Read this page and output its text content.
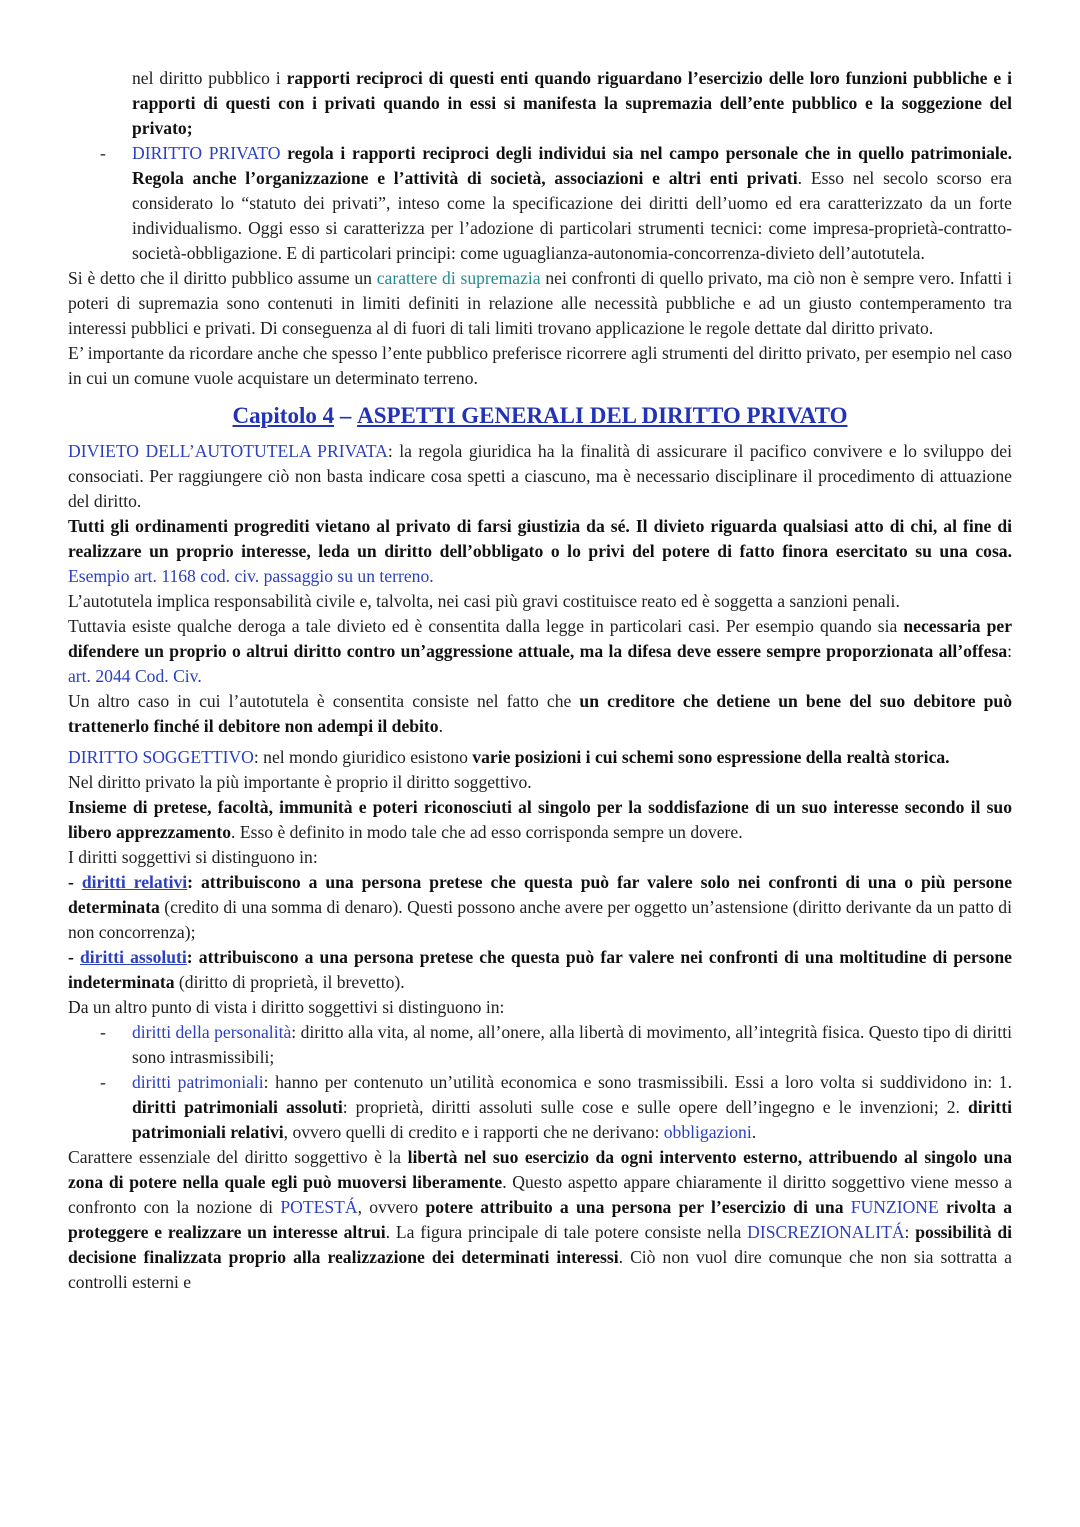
nel diritto pubblico i rapporti reciproci di questi enti quando riguardano l’esercizio delle loro funzioni pubbliche e i rapporti di questi con i privati quando in essi si manifesta la supremazia dell’ente pubblico e la soggezione del privato;

- DIRITTO PRIVATO regola i rapporti reciproci degli individui sia nel campo personale che in quello patrimoniale. Regola anche l’organizzazione e l’attività di società, associazioni e altri enti privati. Esso nel secolo scorso era considerato lo “statuto dei privati”, inteso come la specificazione dei diritti dell’uomo ed era caratterizzato da un forte individualismo. Oggi esso si caratterizza per l’adozione di particolari strumenti tecnici: come impresa-proprietà-contratto-società-obbligazione. E di particolari principi: come uguaglianza-autonomia-concorrenza-divieto dell’autotutela.

Si è detto che il diritto pubblico assume un carattere di supremazia nei confronti di quello privato, ma ciò non è sempre vero. Infatti i poteri di supremazia sono contenuti in limiti definiti in relazione alle necessità pubbliche e ad un giusto contemperamento tra interessi pubblici e privati. Di conseguenza al di fuori di tali limiti trovano applicazione le regole dettate dal diritto privato.

E’ importante da ricordare anche che spesso l’ente pubblico preferisce ricorrere agli strumenti del diritto privato, per esempio nel caso in cui un comune vuole acquistare un determinato terreno.

Capitolo 4 – ASPETTI GENERALI DEL DIRITTO PRIVATO

DIVIETO DELL’AUTOTUTELA PRIVATA: la regola giuridica ha la finalità di assicurare il pacifico convivere e lo sviluppo dei consociati. Per raggiungere ciò non basta indicare cosa spetti a ciascuno, ma è necessario disciplinare il procedimento di attuazione del diritto.

Tutti gli ordinamenti progrediti vietano al privato di farsi giustizia da sé. Il divieto riguarda qualsiasi atto di chi, al fine di realizzare un proprio interesse, leda un diritto dell’obbligato o lo privi del potere di fatto finora esercitato su una cosa. Esempio art. 1168 cod. civ. passaggio su un terreno.

L’autotutela implica responsabilità civile e, talvolta, nei casi più gravi costituisce reato ed è soggetta a sanzioni penali.

Tuttavia esiste qualche deroga a tale divieto ed è consentita dalla legge in particolari casi. Per esempio quando sia necessaria per difendere un proprio o altrui diritto contro un’aggressione attuale, ma la difesa deve essere sempre proporzionata all’offesa: art. 2044 Cod. Civ.

Un altro caso in cui l’autotutela è consentita consiste nel fatto che un creditore che detiene un bene del suo debitore può trattenerlo finché il debitore non adempi il debito.

DIRITTO SOGGETTIVO: nel mondo giuridico esistono varie posizioni i cui schemi sono espressione della realtà storica.

Nel diritto privato la più importante è proprio il diritto soggettivo.

Insieme di pretese, facoltà, immunità e poteri riconosciuti al singolo per la soddisfazione di un suo interesse secondo il suo libero apprezzamento. Esso è definito in modo tale che ad esso corrisponda sempre un dovere.

I diritti soggettivi si distinguono in:

- diritti relativi: attribuiscono a una persona pretese che questa può far valere solo nei confronti di una o più persone determinata (credito di una somma di denaro). Questi possono anche avere per oggetto un’astensione (diritto derivante da un patto di non concorrenza);

- diritti assoluti: attribuiscono a una persona pretese che questa può far valere nei confronti di una moltitudine di persone indeterminata (diritto di proprietà, il brevetto).

Da un altro punto di vista i diritto soggettivi si distinguono in:

- diritti della personalità: diritto alla vita, al nome, all’onere, alla libertà di movimento, all’integrità fisica. Questo tipo di diritti sono intrasmissibili;

- diritti patrimoniali: hanno per contenuto un’utilità economica e sono trasmissibili. Essi a loro volta si suddividono in: 1. diritti patrimoniali assoluti: proprietà, diritti assoluti sulle cose e sulle opere dell’ingegno e le invenzioni; 2. diritti patrimoniali relativi, ovvero quelli di credito e i rapporti che ne derivano: obbligazioni.

Carattere essenziale del diritto soggettivo è la libertà nel suo esercizio da ogni intervento esterno, attribuendo al singolo una zona di potere nella quale egli può muoversi liberamente. Questo aspetto appare chiaramente il diritto soggettivo viene messo a confronto con la nozione di POTESTÁ, ovvero potere attribuito a una persona per l’esercizio di una FUNZIONE rivolta a proteggere e realizzare un interesse altrui. La figura principale di tale potere consiste nella DISCREZIONALITÁ: possibilità di decisione finalizzata proprio alla realizzazione dei determinati interessi. Ciò non vuol dire comunque che non sia sottratta a controlli esterni e
